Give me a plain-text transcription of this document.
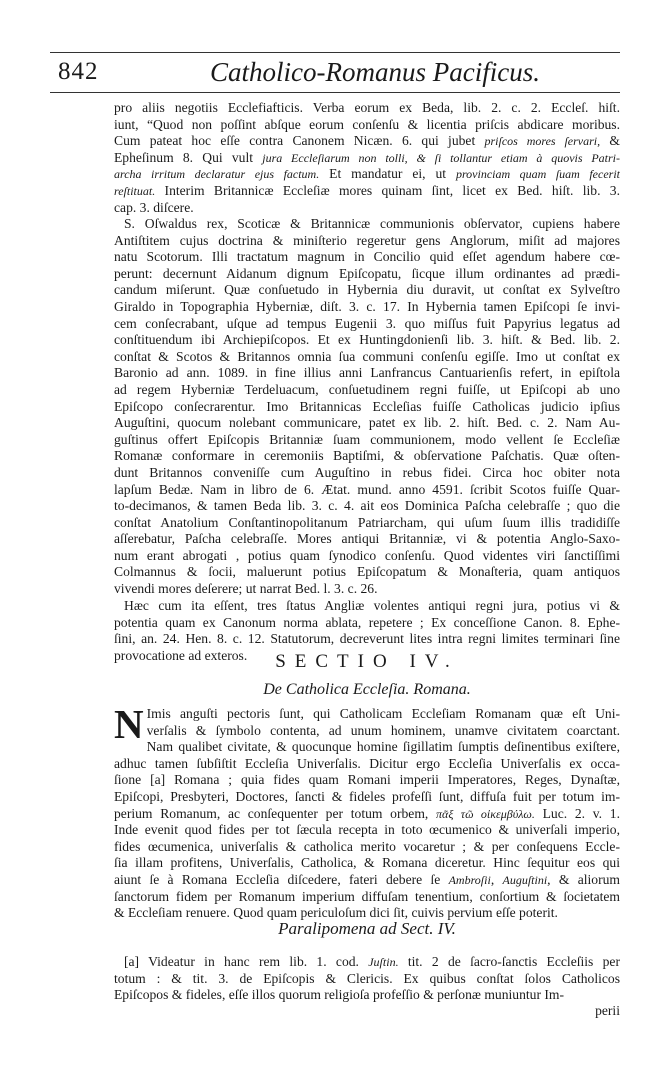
842	Catholico-Romanus Pacificus.
pro aliis negotiis Ecclefiafticis. Verba eorum ex Beda, lib. 2. c. 2. Eccleſ. hiſt.
iunt, “Quod non poſſint abſque eorum conſenſu & licentia priſcis abdicare moribus.
Cum pateat hoc eſſe contra Canonem Nicæn. 6. qui jubet priſcos mores ſervari, &
Epheſinum 8. Qui vult jura Eccleſiarum non tolli, & ſi tollantur etiam à quovis Patri-
archa irritum declaratur ejus factum. Et mandatur ei, ut provinciam quam ſuam fecerit
reſtituat. Interim Britannicæ Eccleſiæ mores quinam ſint, licet ex Bed. hiſt. lib. 3.
cap. 3. diſcere.
S. Oſwaldus rex, Scoticæ & Britannicæ communionis obſervator, cupiens habere
Antiſtitem cujus doctrina & miniſterio regeretur gens Anglorum, miſit ad majores
natu Scotorum. Illi tractatum magnum in Concilio quid eſſet agendum habere cœ-
perunt: decernunt Aidanum dignum Epiſcopatu, ſicque illum ordinantes ad prædi-
candum miſerunt. Quæ conſuetudo in Hybernia diu duravit, ut conſtat ex Sylveſtro
Giraldo in Topographia Hyberniæ, diſt. 3. c. 17. In Hybernia tamen Epiſcopi ſe invi-
cem conſecrabant, uſque ad tempus Eugenii 3. quo miſſus fuit Papyrius legatus ad
conſtituendum ibi Archiepiſcopos. Et ex Huntingdonienſi lib. 3. hiſt. & Bed. lib. 2.
conſtat & Scotos & Britannos omnia ſua communi conſenſu egiſſe. Imo ut conſtat ex
Baronio ad ann. 1089. in fine illius anni Lanfrancus Cantuarienſis refert, in epiſtola
ad regem Hyberniæ Terdeluacum, conſuetudinem regni fuiſſe, ut Epiſcopi ab uno
Epiſcopo conſecrarentur. Imo Britannicas Eccleſias fuiſſe Catholicas judicio ipſius
Auguſtini, quocum nolebant communicare, patet ex lib. 2. hiſt. Bed. c. 2. Nam Au-
guſtinus offert Epiſcopis Britanniæ ſuam communionem, modo vellent ſe Eccleſiæ
Romanæ conformare in ceremoniis Baptiſmi, & obſervatione Paſchatis. Quæ oſten-
dunt Britannos conveniſſe cum Auguſtino in rebus fidei. Circa hoc obiter nota
lapſum Bedæ. Nam in libro de 6. Ætat. mund. anno 4591. ſcribit Scotos fuiſſe Quar-
to-decimanos, & tamen Beda lib. 3. c. 4. ait eos Dominica Paſcha celebraſſe ; quo die
conſtat Anatolium Conſtantinopolitanum Patriarcham, qui uſum ſuum illis tradidiſſe
aſſerebatur, Paſcha celebraſſe. Mores antiqui Britanniæ, vi & potentia Anglo-Saxo-
num erant abrogati , potius quam ſynodico conſenſu. Quod videntes viri ſanctiſſimi
Colmannus & ſocii, maluerunt potius Epiſcopatum & Monaſteria, quam antiquos
vivendi mores deſerere; ut narrat Bed. l. 3. c. 26.
Hæc cum ita eſſent, tres ſtatus Angliæ volentes antiqui regni jura, potius vi &
potentia quam ex Canonum norma ablata, repetere ; Ex conceſſione Canon. 8. Ephe-
ſini, an. 24. Hen. 8. c. 12. Statutorum, decreverunt lites intra regni limites terminari ſine
provocatione ad exteros.	SECTIO IV.
De Catholica Eccleſia. Romana.
N Imis anguſti pectoris ſunt, qui Catholicam Eccleſiam Romanam quæ eſt Uni-
verſalis & ſymbolo contenta, ad unum hominem, unamve civitatem coarctant.
Nam qualibet civitate, & quocunque homine ſigillatim ſumptis deſinentibus exiſtere,
adhuc tamen ſubſiſtit Eccleſia Univerſalis. Dicitur ergo Eccleſia Univerſalis ex occa-
ſione [a] Romana ; quia fides quam Romani imperii Imperatores, Reges, Dynaſtæ,
Epiſcopi, Presbyteri, Doctores, ſancti & fideles profeſſi ſunt, diffuſa fuit per totum im-
perium Romanum, ac conſequenter per totum orbem, πᾶξ τῶ οἰκεμβύλω. Luc. 2. v. 1.
Inde evenit quod fides per tot ſæcula recepta in toto œcumenico & univerſali imperio,
fides œcumenica, univerſalis & catholica merito vocaretur ; & per conſequens Eccle-
ſia illam profitens, Univerſalis, Catholica, & Romana diceretur. Hinc ſequitur eos qui
aiunt ſe à Romana Eccleſia diſcedere, fateri debere ſe Ambroſii, Auguſtini, & aliorum
ſanctorum fidem per Romanum imperium diffuſam tenentium, conſortium & ſocietatem
& Eccleſiam renuere. Quod quam periculoſum dici ſit, cuivis pervium eſſe poterit.
Paralipomena ad Sect. IV.
[a] Videatur in hanc rem lib. 1. cod. Juſtin. tit. 2 de ſacro-ſanctis Eccleſiis per
totum : & tit. 3. de Epiſcopis & Clericis. Ex quibus conſtat ſolos Catholicos
Epiſcopos & fideles, eſſe illos quorum religioſa profeſſio & perſonæ muniuntur Im-
perii
